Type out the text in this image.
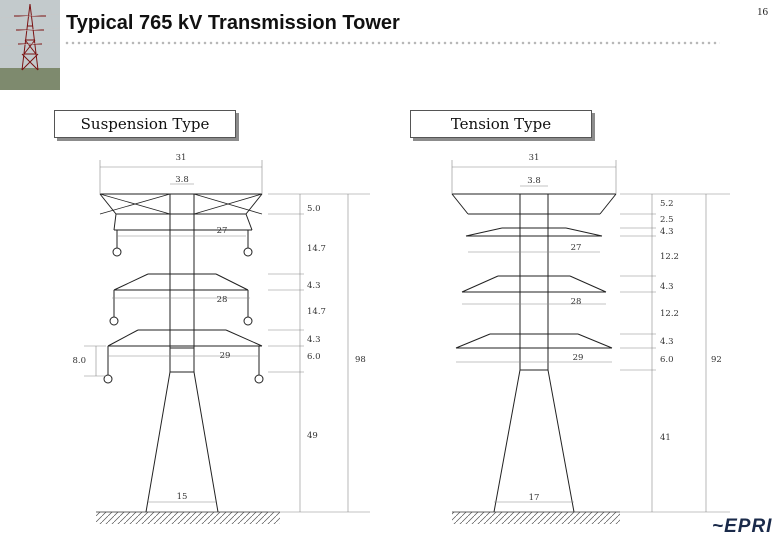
Typical 765 kV Transmission Tower	16
Suspension Type	Tension Type
31
3.8
27
28
29
15
8.0
5.0
14.7
4.3
14.7
4.3
6.0
49
98
31
3.8
27
28
29
17
5.2
2.5
4.3
12.2
4.3
12.2
4.3
6.0
41
92
~EPRI
